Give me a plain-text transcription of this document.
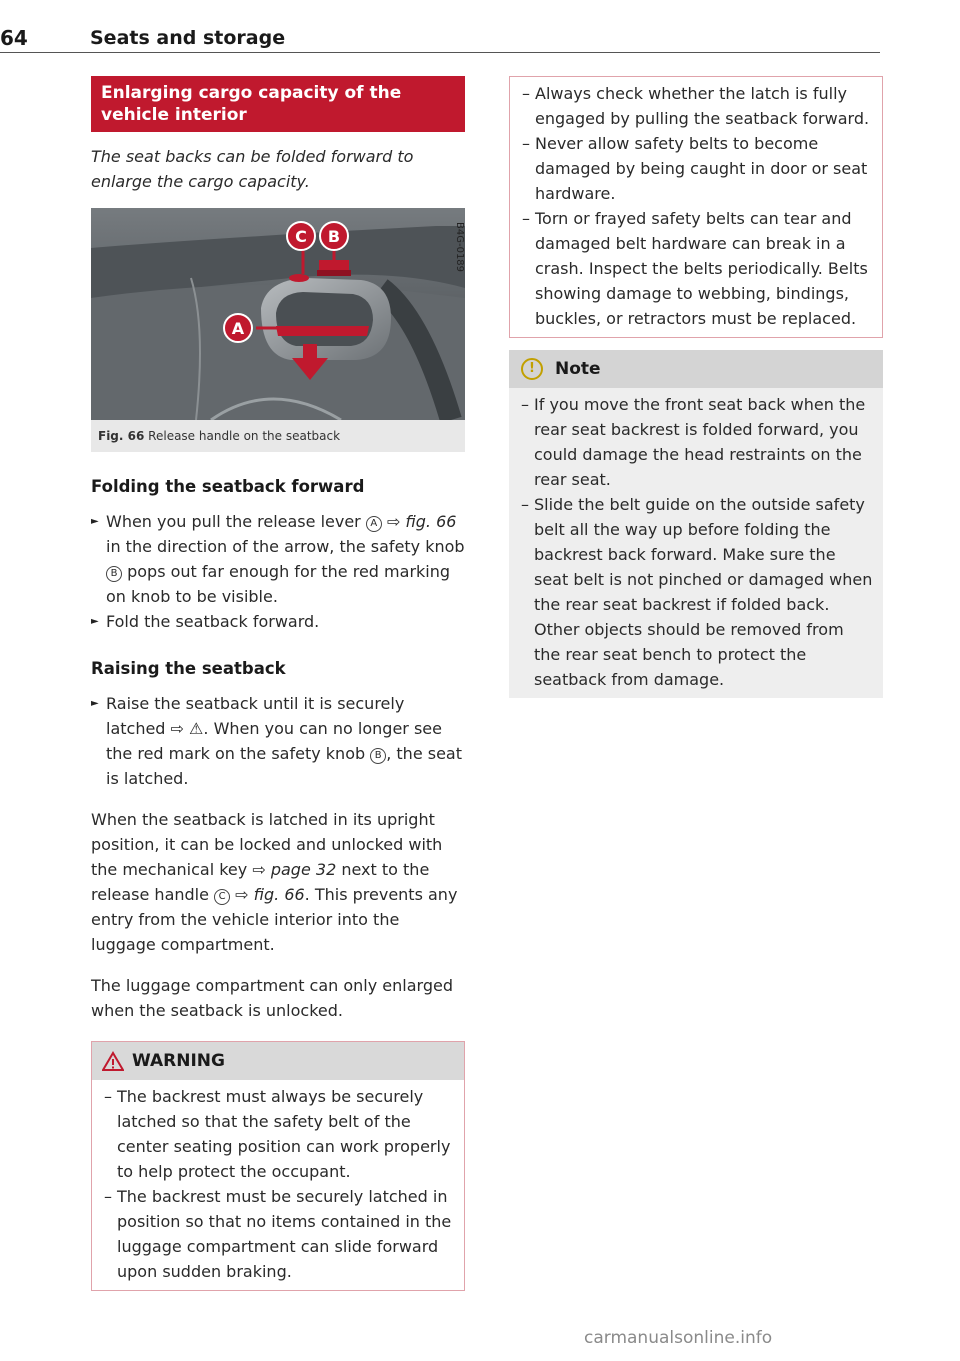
64	Seats and storage
Enlarging cargo capacity of the vehicle interior

The seat backs can be folded forward to enlarge the cargo capacity.

C B
A
B4G-0189
Fig. 66 Release handle on the seatback
Folding the seatback forward

► When you pull the release lever A ⇨ fig. 66 in the direction of the arrow, the safety knob B pops out far enough for the red marking on knob to be visible.

► Fold the seatback forward.

Raising the seatback

► Raise the seatback until it is securely latched ⇨ ⚠. When you can no longer see the red mark on the safety knob B , the seat is latched.

When the seatback is latched in its upright position, it can be locked and unlocked with the mechanical key ⇨ page 32 next to the release handle C ⇨ fig. 66. This prevents any entry from the vehicle interior into the luggage compartment.

The luggage compartment can only enlarged when the seatback is unlocked.

WARNING

– The backrest must always be securely latched so that the safety belt of the center seating position can work properly to help protect the occupant.

– The backrest must be securely latched in position so that no items contained in the luggage compartment can slide forward upon sudden braking.

– Always check whether the latch is fully engaged by pulling the seatback forward.

– Never allow safety belts to become damaged by being caught in door or seat hardware.

– Torn or frayed safety belts can tear and damaged belt hardware can break in a crash. Inspect the belts periodically. Belts showing damage to webbing, bindings, buckles, or retractors must be replaced.

! Note

– If you move the front seat back when the rear seat backrest is folded forward, you could damage the head restraints on the rear seat.

– Slide the belt guide on the outside safety belt all the way up before folding the backrest back forward. Make sure the seat belt is not pinched or damaged when the rear seat backrest if folded back. Other objects should be removed from the rear seat bench to protect the seatback from damage.

carmanualsonline.info
